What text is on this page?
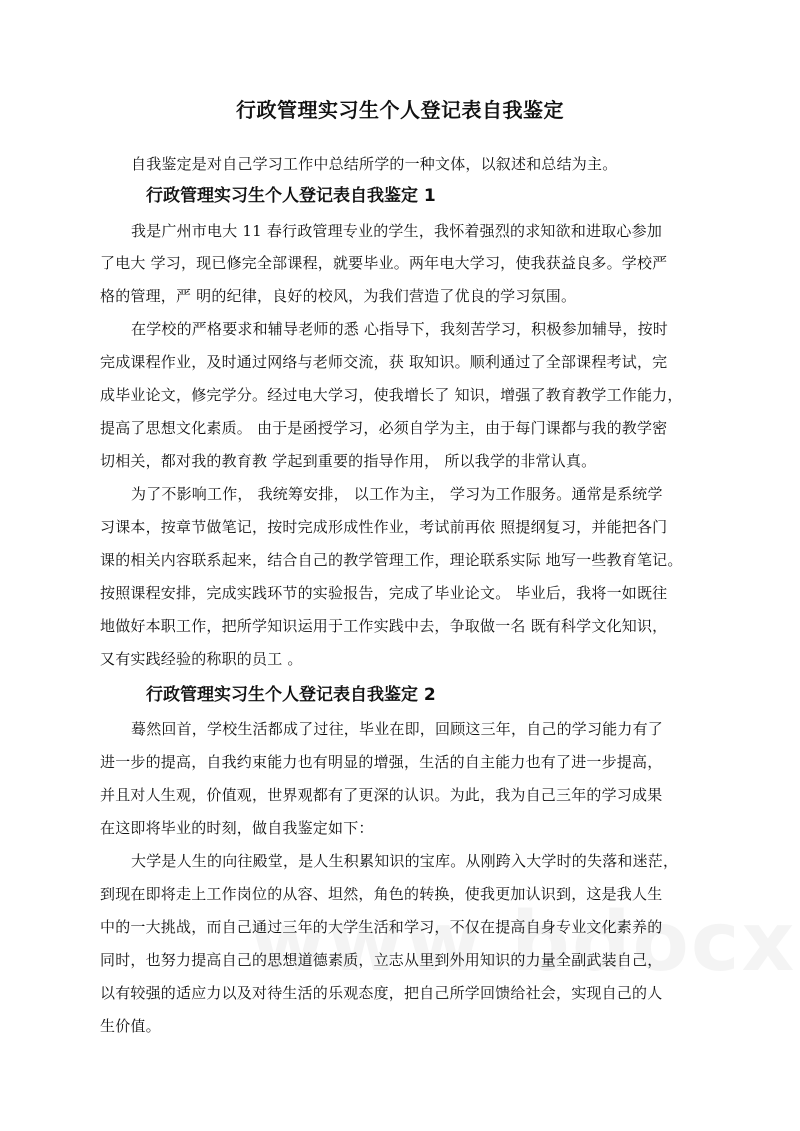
行政管理实习生个人登记表自我鉴定
自我鉴定是对自己学习工作中总结所学的一种文体，以叙述和总结为主。
行政管理实习生个人登记表自我鉴定 1
我是广州市电大 11 春行政管理专业的学生，我怀着强烈的求知欲和进取心参加
了电大 学习，现已修完全部课程，就要毕业。两年电大学习，使我获益良多。学校严
格的管理，严 明的纪律，良好的校风，为我们营造了优良的学习氛围。
在学校的严格要求和辅导老师的悉 心指导下，我刻苦学习，积极参加辅导，按时
完成课程作业，及时通过网络与老师交流，获 取知识。顺利通过了全部课程考试，完
成毕业论文，修完学分。经过电大学习，使我增长了 知识，增强了教育教学工作能力，
提高了思想文化素质。 由于是函授学习，必须自学为主，由于每门课都与我的教学密
切相关，都对我的教育教 学起到重要的指导作用， 所以我学的非常认真。
为了不影响工作， 我统筹安排， 以工作为主， 学习为工作服务。通常是系统学
习课本，按章节做笔记，按时完成形成性作业，考试前再依 照提纲复习，并能把各门
课的相关内容联系起来，结合自己的教学管理工作，理论联系实际 地写一些教育笔记。
按照课程安排，完成实践环节的实验报告，完成了毕业论文。 毕业后，我将一如既往
地做好本职工作，把所学知识运用于工作实践中去，争取做一名 既有科学文化知识，
又有实践经验的称职的员工 。
行政管理实习生个人登记表自我鉴定 2
蓦然回首，学校生活都成了过往，毕业在即，回顾这三年，自己的学习能力有了
进一步的提高，自我约束能力也有明显的增强，生活的自主能力也有了进一步提高，
并且对人生观，价值观，世界观都有了更深的认识。为此，我为自己三年的学习成果
在这即将毕业的时刻，做自我鉴定如下：
大学是人生的向往殿堂，是人生积累知识的宝库。从刚跨入大学时的失落和迷茫，
到现在即将走上工作岗位的从容、坦然，角色的转换，使我更加认识到，这是我人生
中的一大挑战，而自己通过三年的大学生活和学习，不仅在提高自身专业文化素养的
同时，也努力提高自己的思想道德素质，立志从里到外用知识的力量全副武装自己，
以有较强的适应力以及对待生活的乐观态度，把自己所学回馈给社会，实现自己的人
生价值。
